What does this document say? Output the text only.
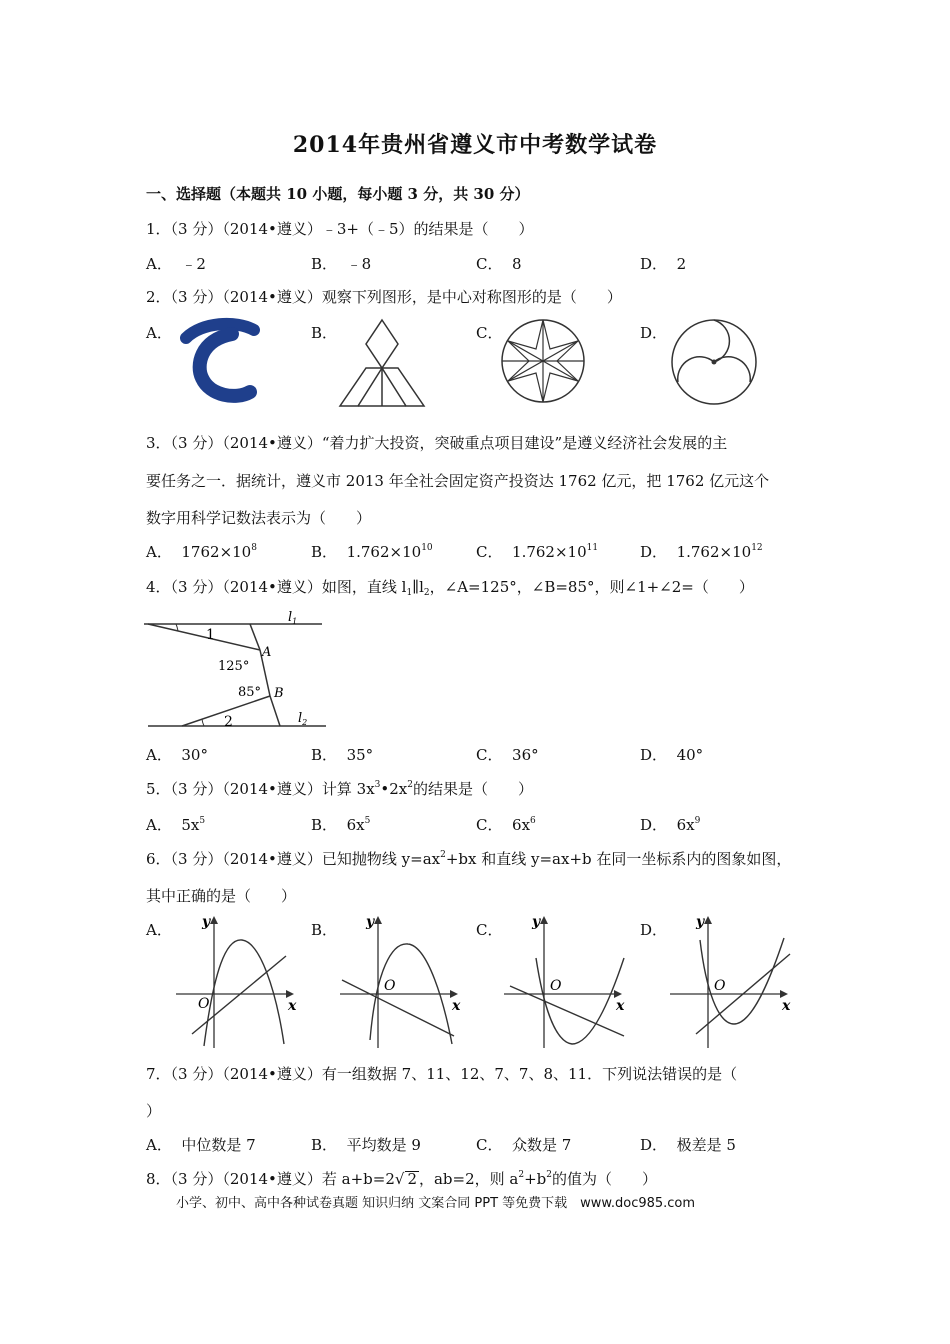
2014年贵州省遵义市中考数学试卷
一、选择题（本题共 10 小题，每小题 3 分，共 30 分）
1．（3 分）（2014•遵义）﹣3+（﹣5）的结果是（　　）
A． ﹣2	B． ﹣8	C． 8	D． 2
2．（3 分）（2014•遵义）观察下列图形，是中心对称图形的是（　　）
A．	B．	C．	D．
3．（3 分）（2014•遵义）“着力扩大投资，突破重点项目建设”是遵义经济社会发展的主
要任务之一．据统计，遵义市 2013 年全社会固定资产投资达 1762 亿元，把 1762 亿元这个
数字用科学记数法表示为（　　）
A． $1762\times 10^8$	B． $1.762\times 10^{10}$	C． $1.762\times 10^{11}$	D． $1.762\times 10^{12}$
4．（3 分）（2014•遵义）如图，直线 $l_1\parallel l_2$，∠A=125°，∠B=85°，则∠1+∠2=（　　）
$l_1$
$l_2$
1
2
A
B
125°
85°
A． 30°	B． 35°	C． 36°	D． 40°
5．（3 分）（2014•遵义）计算 $3x^3•2x^2$的结果是（　　）
A． $5x^5$	B． $6x^5$	C． $6x^6$	D． $6x^9$
6．（3 分）（2014•遵义）已知抛物线 $y=ax^2+bx$ 和直线 y=ax+b 在同一坐标系内的图象如图，
其中正确的是（　　）
A．	B．	C．	D．
y
x
O
y
x
O
y
x
O
y
x
O
7．（3 分）（2014•遵义）有一组数据 7、11、12、7、7、8、11．下列说法错误的是（
）
A． 中位数是 7	B． 平均数是 9	C． 众数是 7	D． 极差是 5
8．（3 分）（2014•遵义）若 a+b=2√ 2 ，ab=2，则 $a^2+b^2$的值为（　　）
小学、初中、高中各种试卷真题 知识归纳 文案合同 PPT 等免费下载　www.doc985.com
